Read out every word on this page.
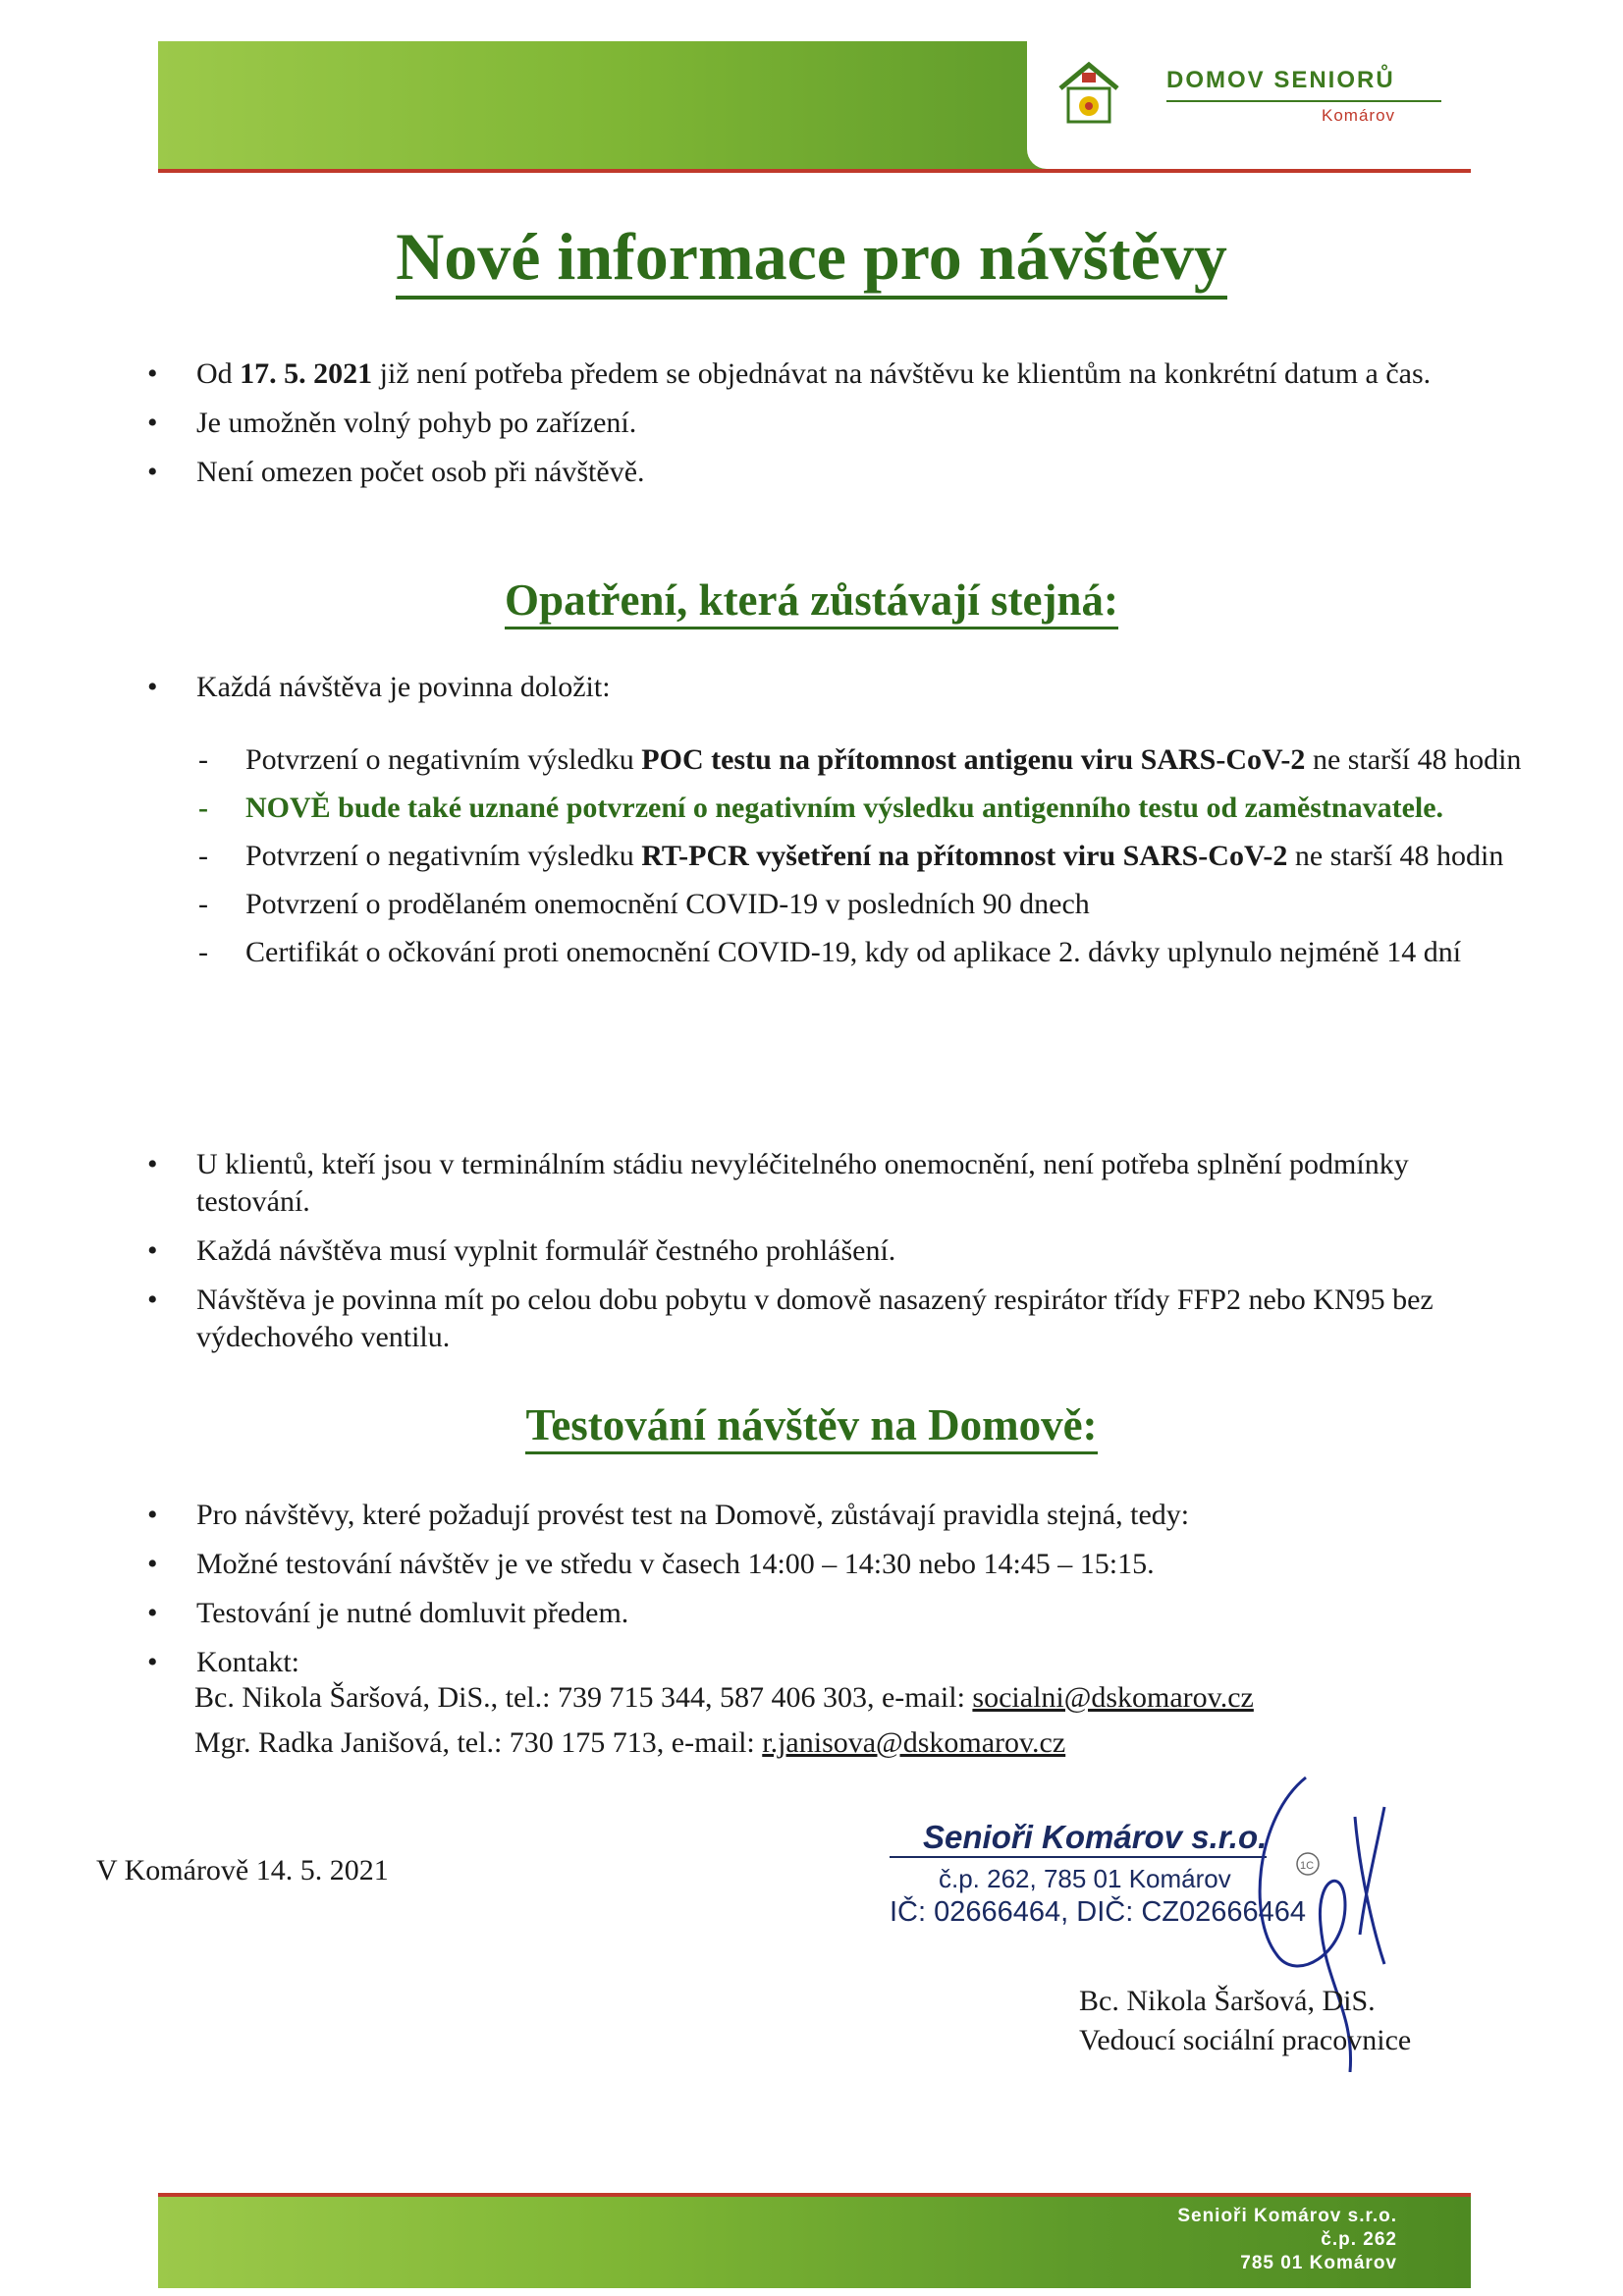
DOMOV SENIORŮ
Komárov
Nové informace pro návštěvy
• Od 17. 5. 2021 již není potřeba předem se objednávat na návštěvu ke klientům na konkrétní datum a čas.
• Je umožněn volný pohyb po zařízení.
• Není omezen počet osob při návštěvě.
Opatření, která zůstávají stejná:
• Každá návštěva je povinna doložit:
- Potvrzení o negativním výsledku POC testu na přítomnost antigenu viru SARS-CoV-2 ne starší 48 hodin
- NOVĚ bude také uznané potvrzení o negativním výsledku antigenního testu od zaměstnavatele.
- Potvrzení o negativním výsledku RT-PCR vyšetření na přítomnost viru SARS-CoV-2 ne starší 48 hodin
- Potvrzení o prodělaném onemocnění COVID-19 v posledních 90 dnech
- Certifikát o očkování proti onemocnění COVID-19, kdy od aplikace 2. dávky uplynulo nejméně 14 dní
• U klientů, kteří jsou v terminálním stádiu nevyléčitelného onemocnění, není potřeba splnění podmínky testování.
• Každá návštěva musí vyplnit formulář čestného prohlášení.
• Návštěva je povinna mít po celou dobu pobytu v domově nasazený respirátor třídy FFP2 nebo KN95 bez výdechového ventilu.
Testování návštěv na Domově:
• Pro návštěvy, které požadují provést test na Domově, zůstávají pravidla stejná, tedy:
• Možné testování návštěv je ve středu v časech 14:00 – 14:30 nebo 14:45 – 15:15.
• Testování je nutné domluvit předem.
• Kontakt:
Bc. Nikola Šaršová, DiS., tel.: 739 715 344, 587 406 303, e-mail: socialni@dskomarov.cz
Mgr. Radka Janišová, tel.: 730 175 713, e-mail: r.janisova@dskomarov.cz
V Komárově 14. 5. 2021
Senioři Komárov s.r.o.
č.p. 262, 785 01 Komárov
IČ: 02666464, DIČ: CZ02666464
1C
Bc. Nikola Šaršová, DiS.
Vedoucí sociální pracovnice
Senioři Komárov s.r.o.
č.p. 262
785 01 Komárov
